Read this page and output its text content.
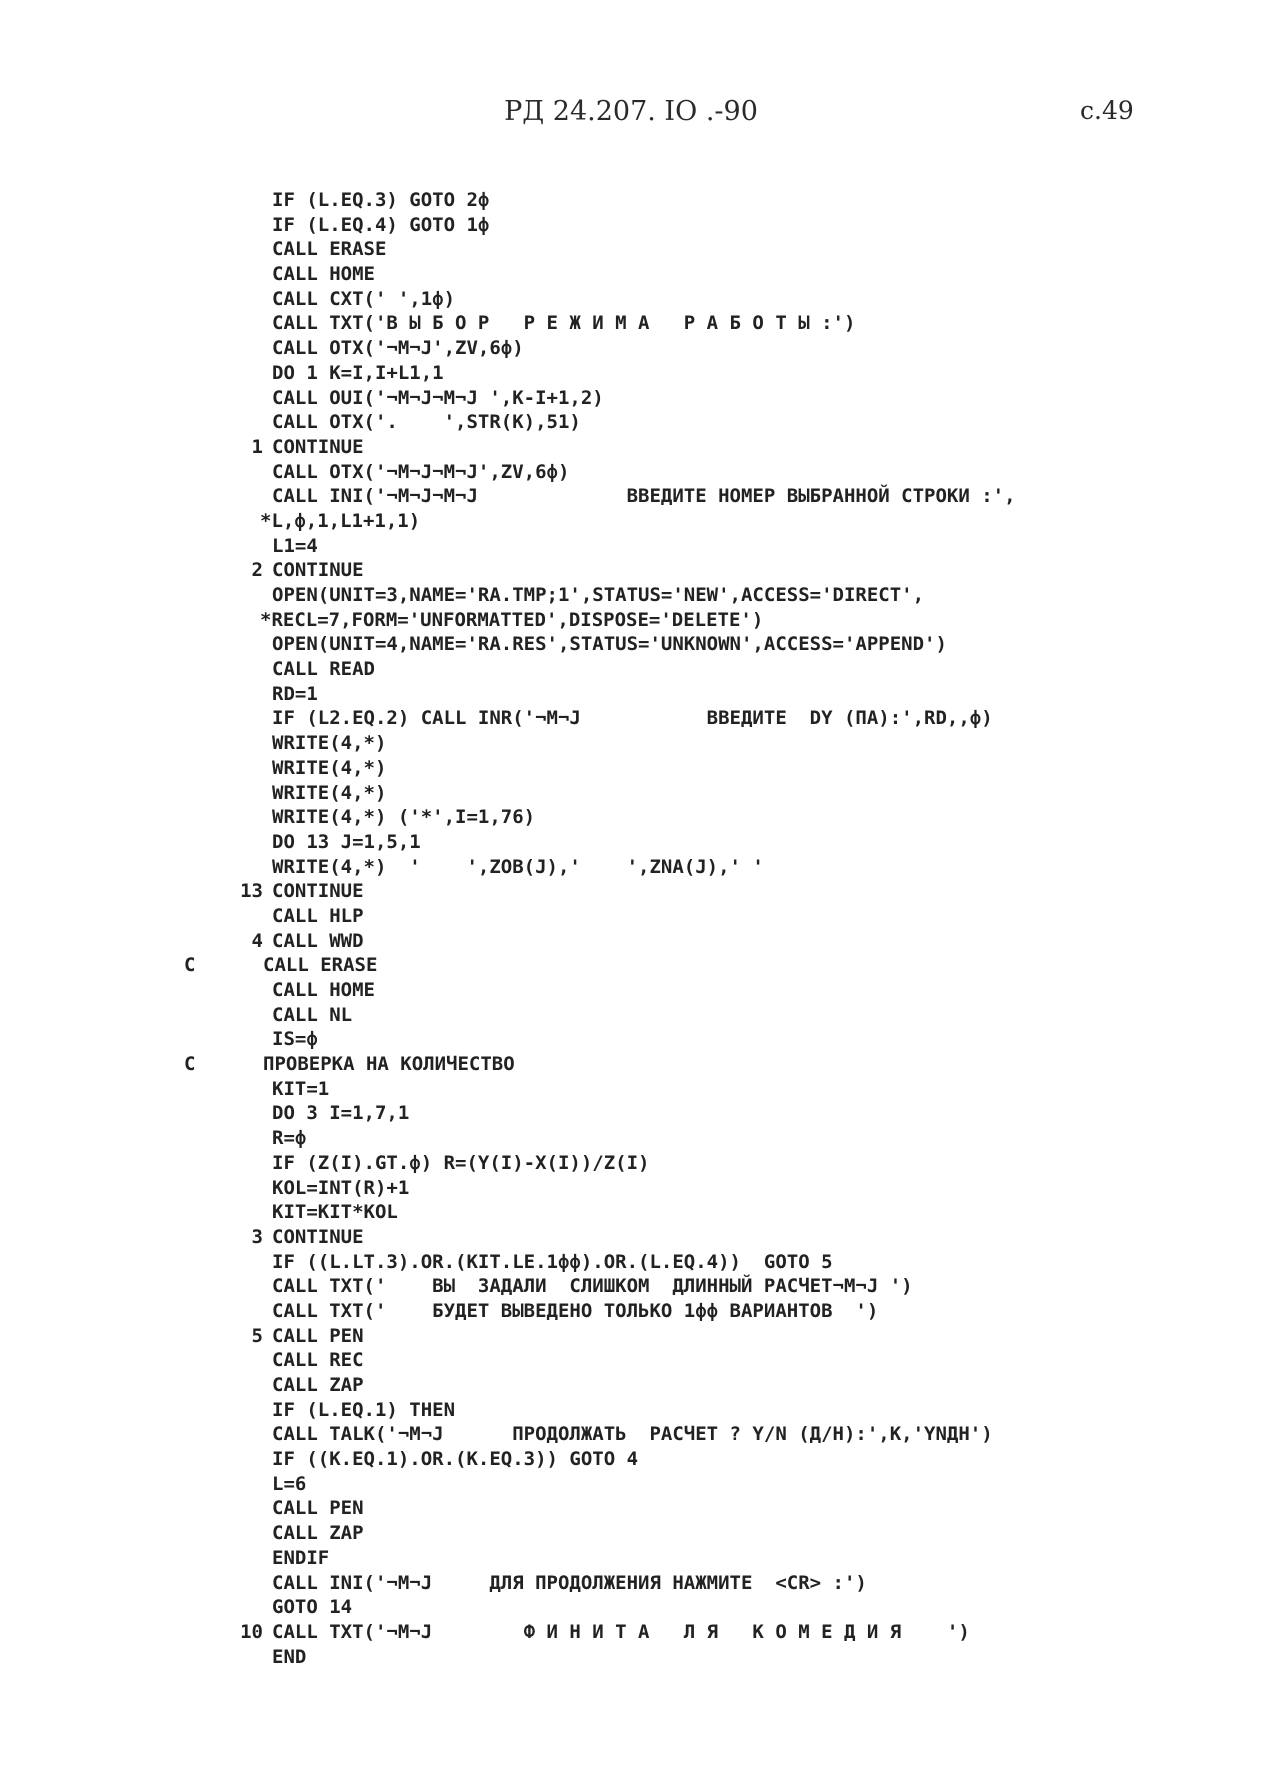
РД 24.207. IO .-90	с.49
IF (L.EQ.3) GOTO 2ф
IF (L.EQ.4) GOTO 1ф
CALL ERASE
CALL HOME
CALL CXT(' ',1ф)
CALL TXT('В Ы Б О Р   Р Е Ж И М А   Р А Б О Т Ы :')
CALL OTX('¬M¬J',ZV,6ф)
DO 1 K=I,I+L1,1
CALL OUI('¬M¬J¬M¬J ',K-I+1,2)
CALL OTX('.    ',STR(K),51)
1 CONTINUE
CALL OTX('¬M¬J¬M¬J',ZV,6ф)
CALL INI('¬M¬J¬M¬J             ВВЕДИТЕ НОМЕР ВЫБРАННОЙ СТРОКИ :',
*L,ф,1,L1+1,1)
L1=4
2 CONTINUE
OPEN(UNIT=3,NAME='RA.TMP;1',STATUS='NEW',ACCESS='DIRECT',
*RECL=7,FORM='UNFORMATTED',DISPOSE='DELETE')
OPEN(UNIT=4,NAME='RA.RES',STATUS='UNKNOWN',ACCESS='APPEND')
CALL READ
RD=1
IF (L2.EQ.2) CALL INR('¬M¬J           ВВЕДИТЕ  DY (ПА):',RD,,ф)
WRITE(4,*)
WRITE(4,*)
WRITE(4,*)
WRITE(4,*) ('*',I=1,76)
DO 13 J=1,5,1
WRITE(4,*)  '    ',ZOB(J),'    ',ZNA(J),' '
13 CONTINUE
CALL HLP
4 CALL WWD
C	CALL ERASE
CALL HOME
CALL NL
IS=ф
C	ПРОВЕРКА НА КОЛИЧЕСТВО
KIT=1
DO 3 I=1,7,1
R=ф
IF (Z(I).GT.ф) R=(Y(I)-X(I))/Z(I)
KOL=INT(R)+1
KIT=KIT*KOL
3 CONTINUE
IF ((L.LT.3).OR.(KIT.LE.1фф).OR.(L.EQ.4))  GOTO 5
CALL TXT('    ВЫ  ЗАДАЛИ  СЛИШКОМ  ДЛИННЫЙ РАСЧЕТ¬M¬J ')
CALL TXT('    БУДЕТ ВЫВЕДЕНО ТОЛЬКО 1фф ВАРИАНТОВ  ')
5 CALL PEN
CALL REC
CALL ZAP
IF (L.EQ.1) THEN
CALL TALK('¬M¬J      ПРОДОЛЖАТЬ  РАСЧЕТ ? Y/N (Д/Н):',K,'YNДН')
IF ((K.EQ.1).OR.(K.EQ.3)) GOTO 4
L=6
CALL PEN
CALL ZAP
ENDIF
CALL INI('¬M¬J     ДЛЯ ПРОДОЛЖЕНИЯ НАЖМИТЕ  <CR> :')
GOTO 14
10 CALL TXT('¬M¬J        Ф И Н И Т А   Л Я   К О М Е Д И Я    ')
END
